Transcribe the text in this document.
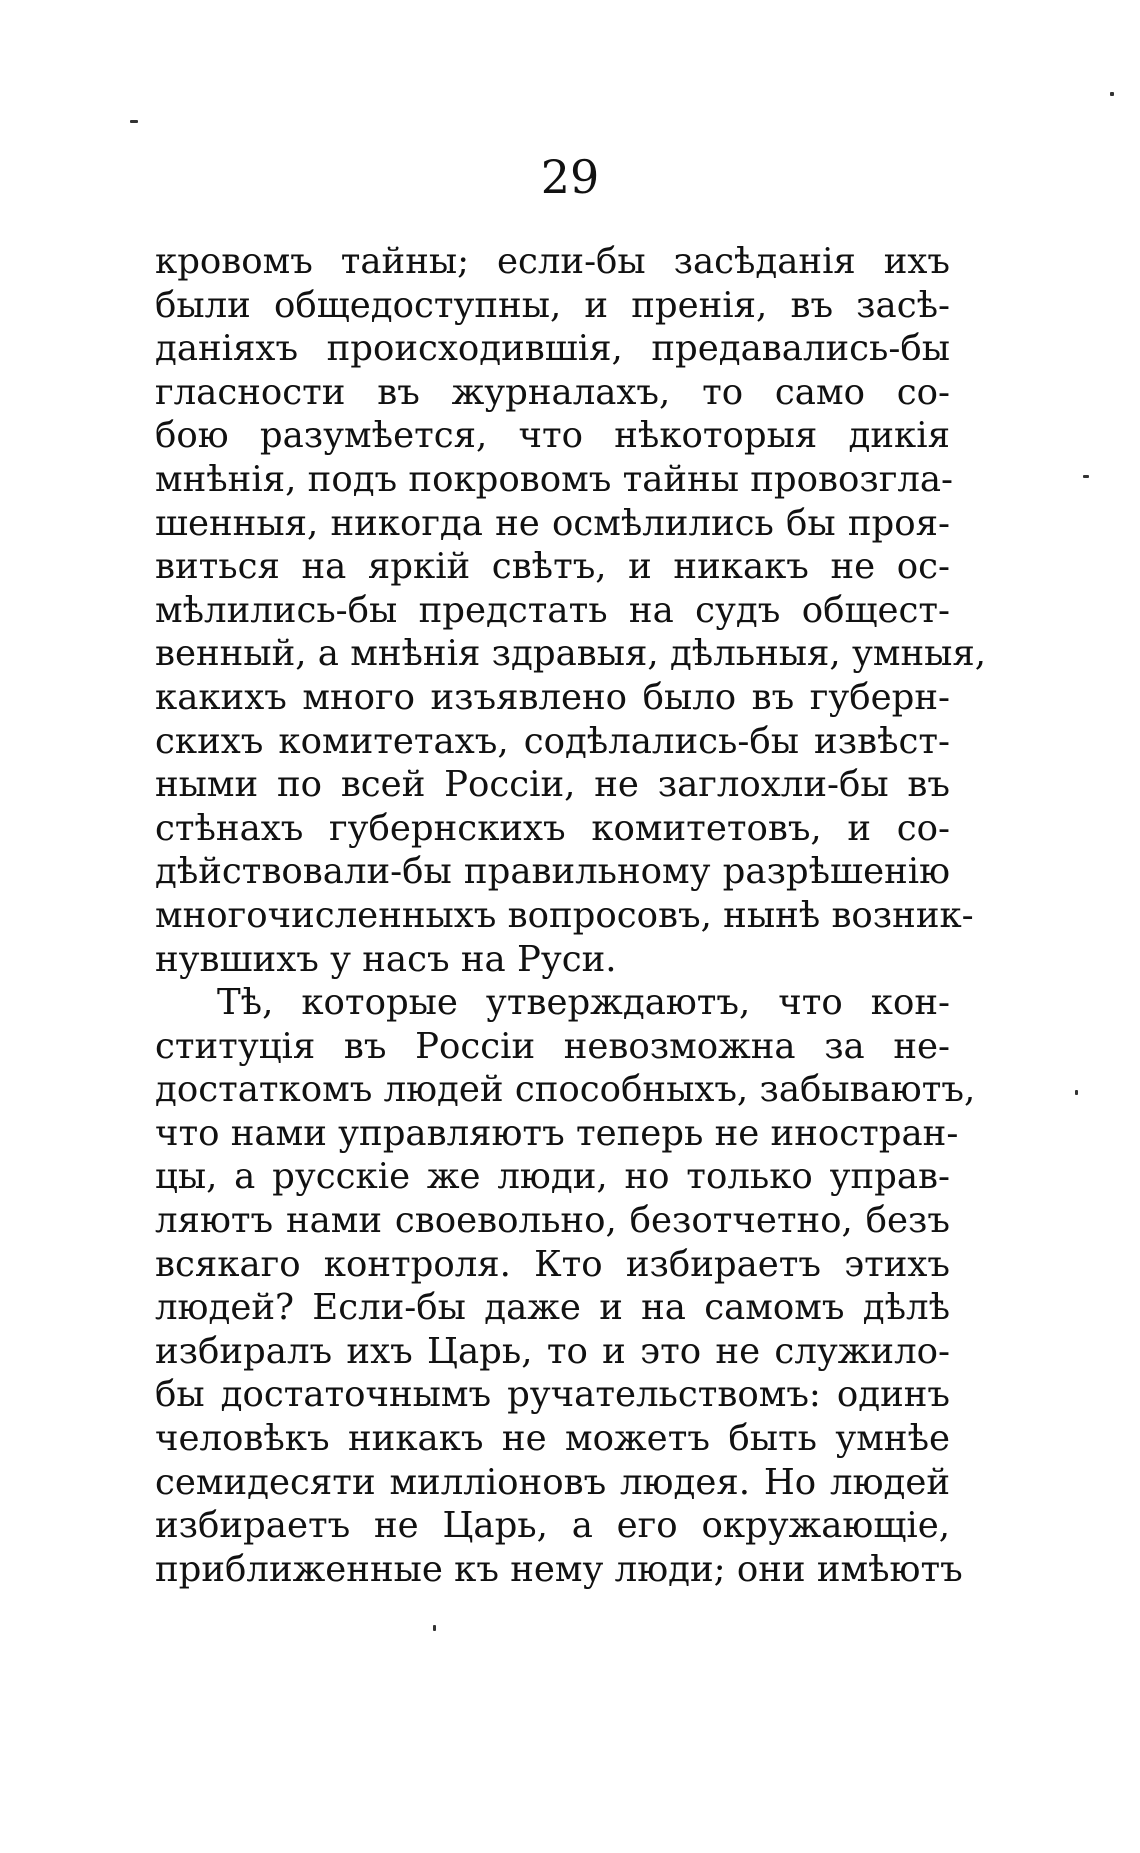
29
кровомъ тайны; если-бы засѣданія ихъ
были общедоступны, и пренія, въ засѣ-
даніяхъ происходившія, предавались-бы
гласности въ журналахъ, то само со-
бою разумѣется, что нѣкоторыя дикія
мнѣнія, подъ покровомъ тайны провозгла-
шенныя, никогда не осмѣлились бы проя-
виться на яркій свѣтъ, и никакъ не ос-
мѣлились-бы предстать на судъ общест-
венный, а мнѣнія здравыя, дѣльныя, умныя,
какихъ много изъявлено было въ губерн-
скихъ комитетахъ, содѣлались-бы извѣст-
ными по всей Россіи, не заглохли-бы въ
стѣнахъ губернскихъ комитетовъ, и со-
дѣйствовали-бы правильному разрѣшенію
многочисленныхъ вопросовъ, нынѣ возник-
нувшихъ у насъ на Руси.
Тѣ, которые утверждаютъ, что кон-
ституція въ Россіи невозможна за не-
достаткомъ людей способныхъ, забываютъ,
что нами управляютъ теперь не иностран-
цы, а русскіе же люди, но только управ-
ляютъ нами своевольно, безотчетно, безъ
всякаго контроля. Кто избираетъ этихъ
людей? Если-бы даже и на самомъ дѣлѣ
избиралъ ихъ Царь, то и это не служило-
бы достаточнымъ ручательствомъ: одинъ
человѣкъ никакъ не можетъ быть умнѣе
семидесяти милліоновъ людея. Но людей
избираетъ не Царь, а его окружающіе,
приближенные къ нему люди; они имѣютъ
